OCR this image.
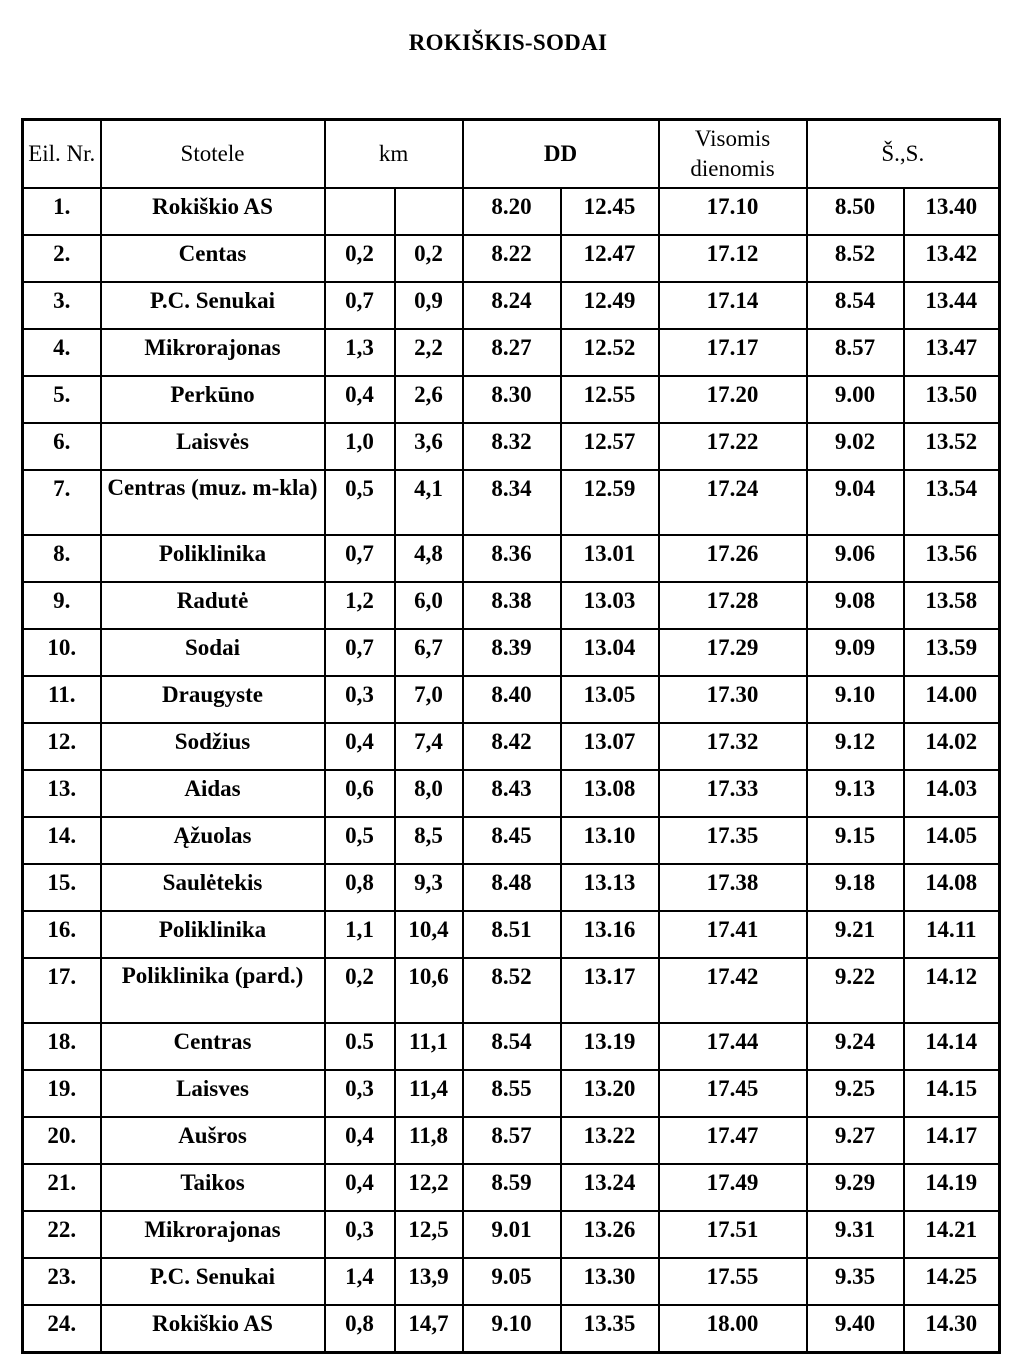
ROKIŠKIS-SODAI
Eil. Nr.	Stotele	km		DD		Visomis dienomis	Š.,S.	
1.	Rokiškio AS			8.20	12.45	17.10	8.50	13.40
2.	Centas	0,2	0,2	8.22	12.47	17.12	8.52	13.42
3.	P.C. Senukai	0,7	0,9	8.24	12.49	17.14	8.54	13.44
4.	Mikrorajonas	1,3	2,2	8.27	12.52	17.17	8.57	13.47
5.	Perkūno	0,4	2,6	8.30	12.55	17.20	9.00	13.50
6.	Laisvės	1,0	3,6	8.32	12.57	17.22	9.02	13.52
7.	Centras (muz. m-kla)	0,5	4,1	8.34	12.59	17.24	9.04	13.54
8.	Poliklinika	0,7	4,8	8.36	13.01	17.26	9.06	13.56
9.	Radutė	1,2	6,0	8.38	13.03	17.28	9.08	13.58
10.	Sodai	0,7	6,7	8.39	13.04	17.29	9.09	13.59
11.	Draugyste	0,3	7,0	8.40	13.05	17.30	9.10	14.00
12.	Sodžius	0,4	7,4	8.42	13.07	17.32	9.12	14.02
13.	Aidas	0,6	8,0	8.43	13.08	17.33	9.13	14.03
14.	Ąžuolas	0,5	8,5	8.45	13.10	17.35	9.15	14.05
15.	Saulėtekis	0,8	9,3	8.48	13.13	17.38	9.18	14.08
16.	Poliklinika	1,1	10,4	8.51	13.16	17.41	9.21	14.11
17.	Poliklinika (pard.)	0,2	10,6	8.52	13.17	17.42	9.22	14.12
18.	Centras	0.5	11,1	8.54	13.19	17.44	9.24	14.14
19.	Laisves	0,3	11,4	8.55	13.20	17.45	9.25	14.15
20.	Aušros	0,4	11,8	8.57	13.22	17.47	9.27	14.17
21.	Taikos	0,4	12,2	8.59	13.24	17.49	9.29	14.19
22.	Mikrorajonas	0,3	12,5	9.01	13.26	17.51	9.31	14.21
23.	P.C. Senukai	1,4	13,9	9.05	13.30	17.55	9.35	14.25
24.	Rokiškio AS	0,8	14,7	9.10	13.35	18.00	9.40	14.30
